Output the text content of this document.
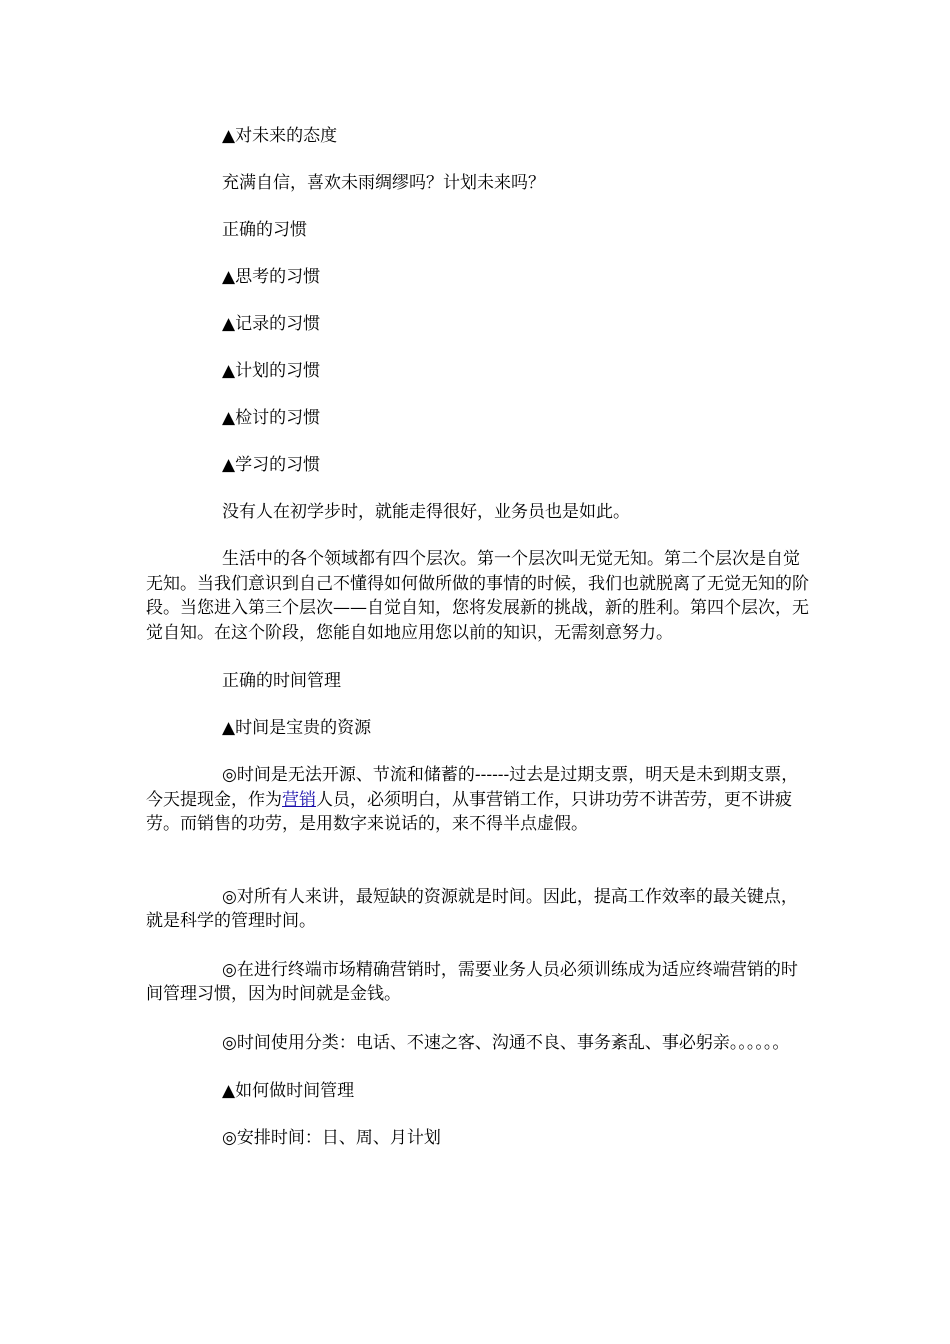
▲对未来的态度

充满自信，喜欢未雨绸缪吗？计划未来吗？

正确的习惯

▲思考的习惯

▲记录的习惯

▲计划的习惯

▲检讨的习惯

▲学习的习惯

没有人在初学步时，就能走得很好，业务员也是如此。

生活中的各个领域都有四个层次。第一个层次叫无觉无知。第二个层次是自觉无知。当我们意识到自己不懂得如何做所做的事情的时候，我们也就脱离了无觉无知的阶段。当您进入第三个层次——自觉自知，您将发展新的挑战，新的胜利。第四个层次，无觉自知。在这个阶段，您能自如地应用您以前的知识，无需刻意努力。

正确的时间管理

▲时间是宝贵的资源

◎时间是无法开源、节流和储蓄的------过去是过期支票，明天是未到期支票，今天提现金，作为营销人员，必须明白，从事营销工作，只讲功劳不讲苦劳，更不讲疲劳。而销售的功劳，是用数字来说话的，来不得半点虚假。

◎对所有人来讲，最短缺的资源就是时间。因此，提高工作效率的最关键点，就是科学的管理时间。

◎在进行终端市场精确营销时，需要业务人员必须训练成为适应终端营销的时间管理习惯，因为时间就是金钱。

◎时间使用分类：电话、不速之客、沟通不良、事务紊乱、事必躬亲。。。。。。

▲如何做时间管理

◎安排时间：日、周、月计划
